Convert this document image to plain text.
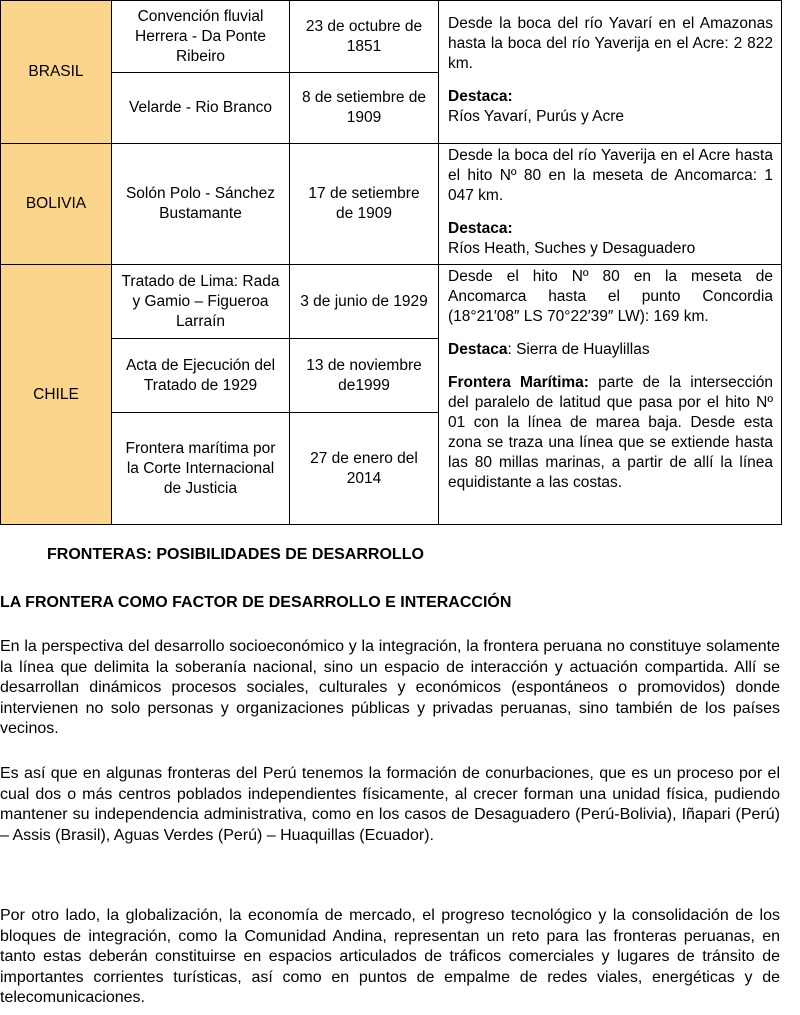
BRASIL	Convención fluvial Herrera - Da Ponte Ribeiro	23 de octubre de 1851	Desde la boca del río Yavarí en el Amazonas hasta la boca del río Yaverija en el Acre: 2 822 km.
Destaca:
Ríos Yavarí, Purús y Acre

	Velarde - Rio Branco	8 de setiembre de 1909	
BOLIVIA	Solón Polo - Sánchez Bustamante	17 de setiembre de 1909	Desde la boca del río Yaverija en el Acre hasta el hito Nº 80 en la meseta de Ancomarca: 1 047 km.
Destaca:
Ríos Heath, Suches y Desaguadero

CHILE	Tratado de Lima: Rada y Gamio – Figueroa Larraín	3 de junio de 1929	Desde el hito Nº 80 en la meseta de Ancomarca hasta el punto Concordia (18°21′08″ LS 70°22′39″ LW): 169 km.
Destaca: Sierra de Huaylillas
Frontera Marítima: parte de la intersección del paralelo de latitud que pasa por el hito Nº 01 con la línea de marea baja. Desde esta zona se traza una línea que se extiende hasta las 80 millas marinas, a partir de allí la línea equidistante a las costas.

	Acta de Ejecución del Tratado de 1929	13 de noviembre de1999	
	Frontera marítima por la Corte Internacional de Justicia	27 de enero del 2014	
FRONTERAS: POSIBILIDADES DE DESARROLLO
LA FRONTERA COMO FACTOR DE DESARROLLO E INTERACCIÓN

En la perspectiva del desarrollo socioeconómico y la integración, la frontera peruana no constituye solamente la línea que delimita la soberanía nacional, sino un espacio de interacción y actuación compartida. Allí se desarrollan dinámicos procesos sociales, culturales y económicos (espontáneos o promovidos) donde intervienen no solo personas y organizaciones públicas y privadas peruanas, sino también de los países vecinos.

Es así que en algunas fronteras del Perú tenemos la formación de conurbaciones, que es un proceso por el cual dos o más centros poblados independientes físicamente, al crecer forman una unidad física, pudiendo mantener su independencia administrativa, como en los casos de Desaguadero (Perú-Bolivia), Iñapari (Perú) – Assis (Brasil), Aguas Verdes (Perú) – Huaquillas (Ecuador).

Por otro lado, la globalización, la economía de mercado, el progreso tecnológico y la consolidación de los bloques de integración, como la Comunidad Andina, representan un reto para las fronteras peruanas, en tanto estas deberán constituirse en espacios articulados de tráficos comerciales y lugares de tránsito de importantes corrientes turísticas, así como en puntos de empalme de redes viales, energéticas y de telecomunicaciones.
